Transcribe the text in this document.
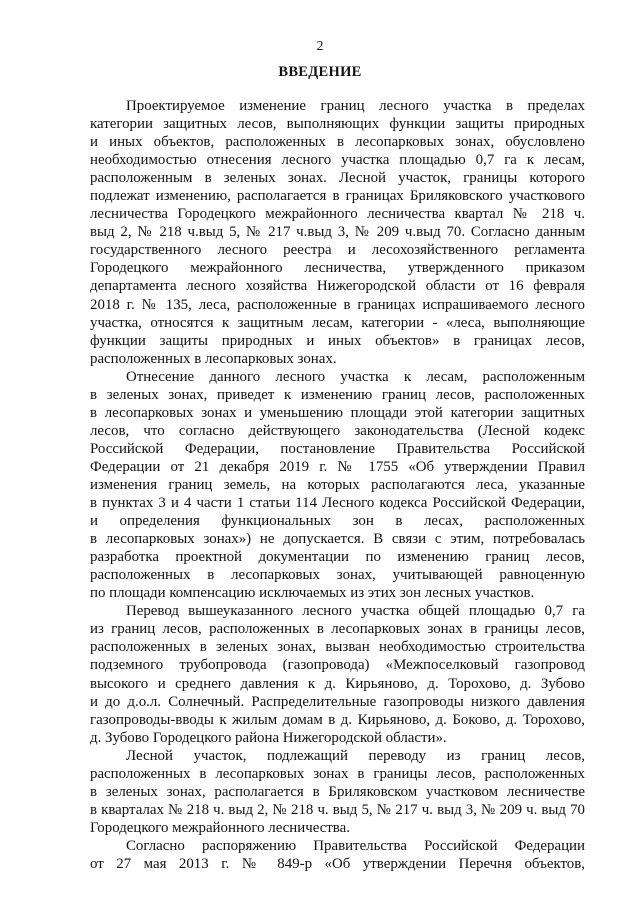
2
ВВЕДЕНИЕ
Проектируемое изменение границ лесного участка в пределах
категории защитных лесов, выполняющих функции защиты природных
и иных объектов, расположенных в лесопарковых зонах, обусловлено
необходимостью отнесения лесного участка площадью 0,7 га к лесам,
расположенным в зеленых зонах. Лесной участок, границы которого
подлежат изменению, располагается в границах Бриляковского участкового
лесничества Городецкого межрайонного лесничества квартал № 218 ч.
выд 2, № 218 ч.выд 5, № 217 ч.выд 3, № 209 ч.выд 70. Согласно данным
государственного лесного реестра и лесохозяйственного регламента
Городецкого межрайонного лесничества, утвержденного приказом
департамента лесного хозяйства Нижегородской области от 16 февраля
2018 г. № 135, леса, расположенные в границах испрашиваемого лесного
участка, относятся к защитным лесам, категории - «леса, выполняющие
функции защиты природных и иных объектов» в границах лесов,
расположенных в лесопарковых зонах.
Отнесение данного лесного участка к лесам, расположенным
в зеленых зонах, приведет к изменению границ лесов, расположенных
в лесопарковых зонах и уменьшению площади этой категории защитных
лесов, что согласно действующего законодательства (Лесной кодекс
Российской Федерации, постановление Правительства Российской
Федерации от 21 декабря 2019 г. № 1755 «Об утверждении Правил
изменения границ земель, на которых располагаются леса, указанные
в пунктах 3 и 4 части 1 статьи 114 Лесного кодекса Российской Федерации,
и определения функциональных зон в лесах, расположенных
в лесопарковых зонах») не допускается. В связи с этим, потребовалась
разработка проектной документации по изменению границ лесов,
расположенных в лесопарковых зонах, учитывающей равноценную
по площади компенсацию исключаемых из этих зон лесных участков.
Перевод вышеуказанного лесного участка общей площадью 0,7 га
из границ лесов, расположенных в лесопарковых зонах в границы лесов,
расположенных в зеленых зонах, вызван необходимостью строительства
подземного трубопровода (газопровода) «Межпоселковый газопровод
высокого и среднего давления к д. Кирьяново, д. Торохово, д. Зубово
и до д.о.л. Солнечный. Распределительные газопроводы низкого давления
газопроводы-вводы к жилым домам в д. Кирьяново, д. Боково, д. Торохово,
д. Зубово Городецкого района Нижегородской области».
Лесной участок, подлежащий переводу из границ лесов,
расположенных в лесопарковых зонах в границы лесов, расположенных
в зеленых зонах, располагается в Бриляковском участковом лесничестве
в кварталах № 218 ч. выд 2, № 218 ч. выд 5, № 217 ч. выд 3, № 209 ч. выд 70
Городецкого межрайонного лесничества.
Согласно распоряжению Правительства Российской Федерации
от 27 мая 2013 г. № 849-р «Об утверждении Перечня объектов,
